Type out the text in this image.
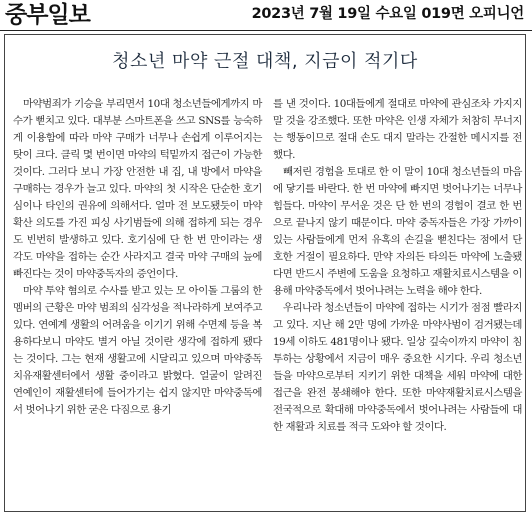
중부일보	2023년 7월 19일 수요일 019면 오피니언
청소년 마약 근절 대책, 지금이 적기다

마약범죄가 기승을 부리면서 10대 청소년들에게까지 마수가 뻗치고 있다. 대부분 스마트폰을 쓰고 SNS를 능숙하게 이용함에 따라 마약 구매가 너무나 손쉽게 이루어지는 탓이 크다. 클릭 몇 번이면 마약의 턱밑까지 접근이 가능한 것이다. 그러다 보니 가장 안전한 내 집, 내 방에서 마약을 구매하는 경우가 늘고 있다. 마약의 첫 시작은 단순한 호기심이나 타인의 권유에 의해서다. 얼마 전 보도됐듯이 마약 확산 의도를 가진 피싱 사기범들에 의해 접하게 되는 경우도 빈번히 발생하고 있다. 호기심에 단 한 번 만이라는 생각도 마약을 접하는 순간 사라지고 결국 마약 구매의 늪에 빠진다는 것이 마약중독자의 증언이다.

마약 투약 혐의로 수사를 받고 있는 모 아이돌 그룹의 한 멤버의 근황은 마약 범죄의 심각성을 적나라하게 보여주고 있다. 연예계 생활의 어려움을 이기기 위해 수면제 등을 복용하다보니 마약도 별거 아닐 것이란 생각에 접하게 됐다는 것이다. 그는 현재 생활고에 시달리고 있으며 마약중독치유재활센터에서 생활 중이라고 밝혔다. 얼굴이 알려진 연예인이 재활센터에 들어가기는 쉽지 않지만 마약중독에서 벗어나기 위한 굳은 다짐으로 용기

를 낸 것이다. 10대들에게 절대로 마약에 관심조차 가지지 말 것을 강조했다. 또한 마약은 인생 자체가 처참히 무너지는 행동이므로 절대 손도 대지 말라는 간절한 메시지를 전했다.

빼저린 경험을 토대로 한 이 말이 10대 청소년들의 마음에 닿기를 바란다. 한 번 마약에 빠지면 벗어나기는 너무나 힘들다. 마약이 무서운 것은 단 한 번의 경험이 결코 한 번으로 끝나지 않기 때문이다. 마약 중독자들은 가장 가까이 있는 사람들에게 먼저 유혹의 손길을 뻗친다는 점에서 단호한 거절이 필요하다. 만약 자의든 타의든 마약에 노출됐다면 반드시 주변에 도움을 요청하고 재활치료시스템을 이용해 마약중독에서 벗어나려는 노력을 해야 한다.

우리나라 청소년들이 마약에 접하는 시기가 점점 빨라지고 있다. 지난 해 2만 명에 가까운 마약사범이 검거됐는데 19세 이하도 481명이나 됐다. 일상 깊숙이까지 마약이 침투하는 상황에서 지금이 매우 중요한 시기다. 우리 청소년들을 마약으로부터 지키기 위한 대책을 세워 마약에 대한 접근을 완전 봉쇄해야 한다. 또한 마약재활치료시스템을 전국적으로 확대해 마약중독에서 벗어나려는 사람들에 대한 재활과 치료를 적극 도와야 할 것이다.
